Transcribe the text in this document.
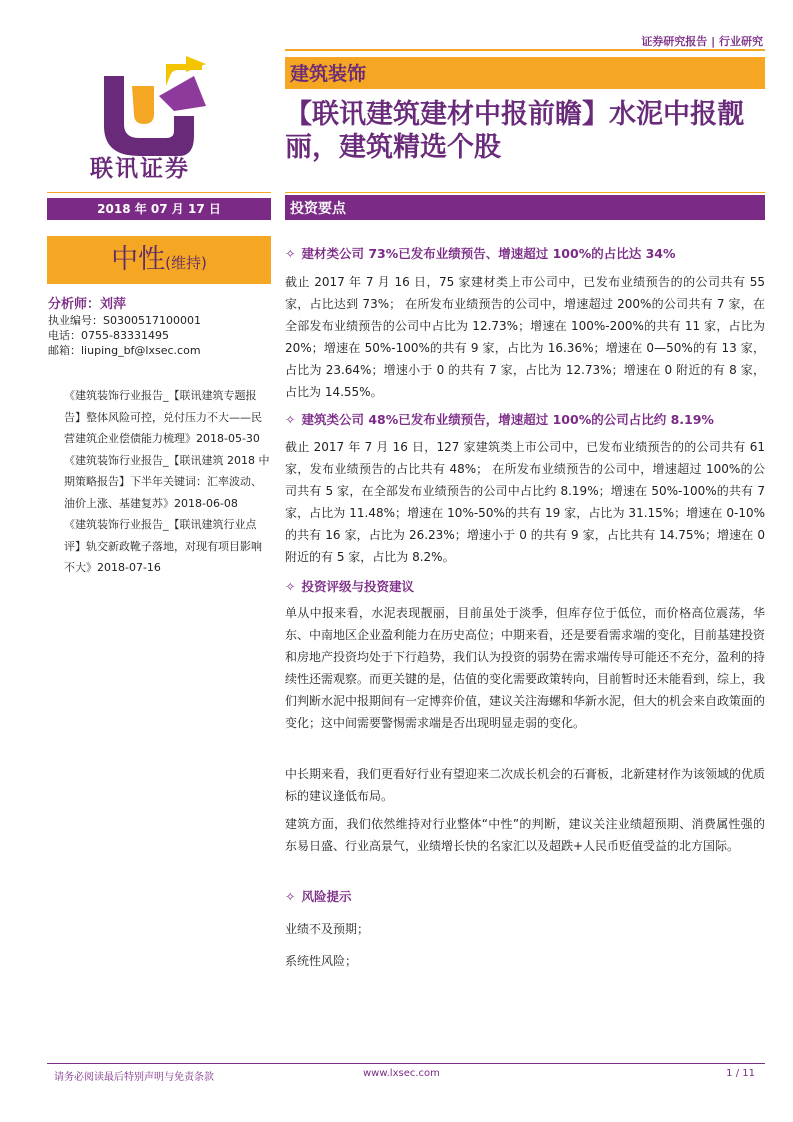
证券研究报告 | 行业研究
联讯证券
建筑装饰
【联讯建筑建材中报前瞻】水泥中报靓丽，建筑精选个股
2018 年 07 月 17 日	投资要点
中性(维持)
分析师：刘萍
执业编号：S0300517100001
电话：0755-83331495
邮箱：liuping_bf@lxsec.com

《建筑装饰行业报告_【联讯建筑专题报告】整体风险可控，兑付压力不大——民营建筑企业偿债能力梳理》2018-05-30

《建筑装饰行业报告_【联讯建筑 2018 中期策略报告】下半年关键词：汇率波动、油价上涨、基建复苏》2018-06-08

《建筑装饰行业报告_【联讯建筑行业点评】轨交新政靴子落地，对现有项目影响不大》2018-07-16

✧ 建材类公司 73%已发布业绩预告、增速超过 100%的占比达 34%
截止 2017 年 7 月 16 日，75 家建材类上市公司中，已发布业绩预告的的公司共有 55 家，占比达到 73%； 在所发布业绩预告的公司中，增速超过 200%的公司共有 7 家，在全部发布业绩预告的公司中占比为 12.73%；增速在 100%-200%的共有 11 家，占比为 20%；增速在 50%-100%的共有 9 家，占比为 16.36%；增速在 0—50%的有 13 家，占比为 23.64%；增速小于 0 的共有 7 家，占比为 12.73%；增速在 0 附近的有 8 家，占比为 14.55%。
✧ 建筑类公司 48%已发布业绩预告，增速超过 100%的公司占比约 8.19%
截止 2017 年 7 月 16 日，127 家建筑类上市公司中，已发布业绩预告的的公司共有 61 家，发布业绩预告的占比共有 48%； 在所发布业绩预告的公司中，增速超过 100%的公司共有 5 家，在全部发布业绩预告的公司中占比约 8.19%；增速在 50%-100%的共有 7 家，占比为 11.48%；增速在 10%-50%的共有 19 家，占比为 31.15%；增速在 0-10%的共有 16 家，占比为 26.23%；增速小于 0 的共有 9 家，占比共有 14.75%；增速在 0 附近的有 5 家，占比为 8.2%。
✧ 投资评级与投资建议
单从中报来看，水泥表现靓丽，目前虽处于淡季，但库存位于低位，而价格高位震荡，华东、中南地区企业盈利能力在历史高位；中期来看，还是要看需求端的变化，目前基建投资和房地产投资均处于下行趋势，我们认为投资的弱势在需求端传导可能还不充分，盈利的持续性还需观察。而更关键的是，估值的变化需要政策转向，目前暂时还未能看到，综上，我们判断水泥中报期间有一定博弈价值，建议关注海螺和华新水泥，但大的机会来自政策面的变化；这中间需要警惕需求端是否出现明显走弱的变化。
中长期来看，我们更看好行业有望迎来二次成长机会的石膏板，北新建材作为该领域的优质标的建议逢低布局。
建筑方面，我们依然维持对行业整体“中性”的判断，建议关注业绩超预期、消费属性强的东易日盛、行业高景气，业绩增长快的名家汇以及超跌+人民币贬值受益的北方国际。
✧ 风险提示
业绩不及预期；
系统性风险；
请务必阅读最后特别声明与免责条款	www.lxsec.com	1 / 11
